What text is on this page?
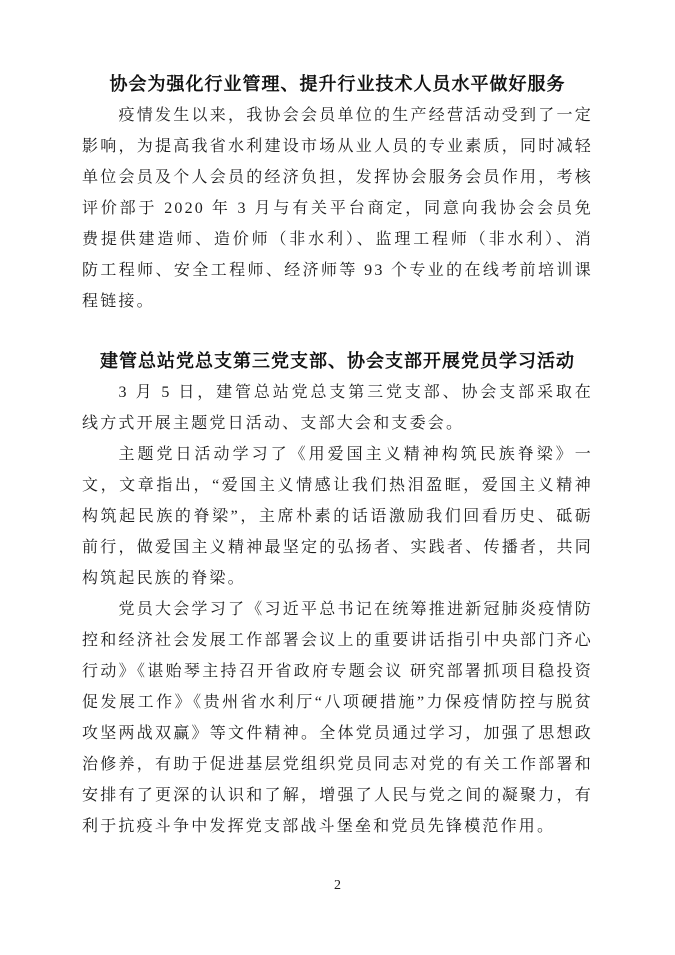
协会为强化行业管理、提升行业技术人员水平做好服务

疫情发生以来，我协会会员单位的生产经营活动受到了一定影响，为提高我省水利建设市场从业人员的专业素质，同时减轻单位会员及个人会员的经济负担，发挥协会服务会员作用，考核评价部于 2020 年 3 月与有关平台商定，同意向我协会会员免费提供建造师、造价师（非水利）、监理工程师（非水利）、消防工程师、安全工程师、经济师等 93 个专业的在线考前培训课程链接。

建管总站党总支第三党支部、协会支部开展党员学习活动

3 月 5 日，建管总站党总支第三党支部、协会支部采取在线方式开展主题党日活动、支部大会和支委会。

主题党日活动学习了《用爱国主义精神构筑民族脊梁》一文，文章指出，“爱国主义情感让我们热泪盈眶，爱国主义精神构筑起民族的脊梁”，主席朴素的话语激励我们回看历史、砥砺前行，做爱国主义精神最坚定的弘扬者、实践者、传播者，共同构筑起民族的脊梁。

党员大会学习了《习近平总书记在统筹推进新冠肺炎疫情防控和经济社会发展工作部署会议上的重要讲话指引中央部门齐心行动》《谌贻琴主持召开省政府专题会议 研究部署抓项目稳投资促发展工作》《贵州省水利厅“八项硬措施”力保疫情防控与脱贫攻坚两战双赢》等文件精神。全体党员通过学习，加强了思想政治修养，有助于促进基层党组织党员同志对党的有关工作部署和安排有了更深的认识和了解，增强了人民与党之间的凝聚力，有利于抗疫斗争中发挥党支部战斗堡垒和党员先锋模范作用。

2
